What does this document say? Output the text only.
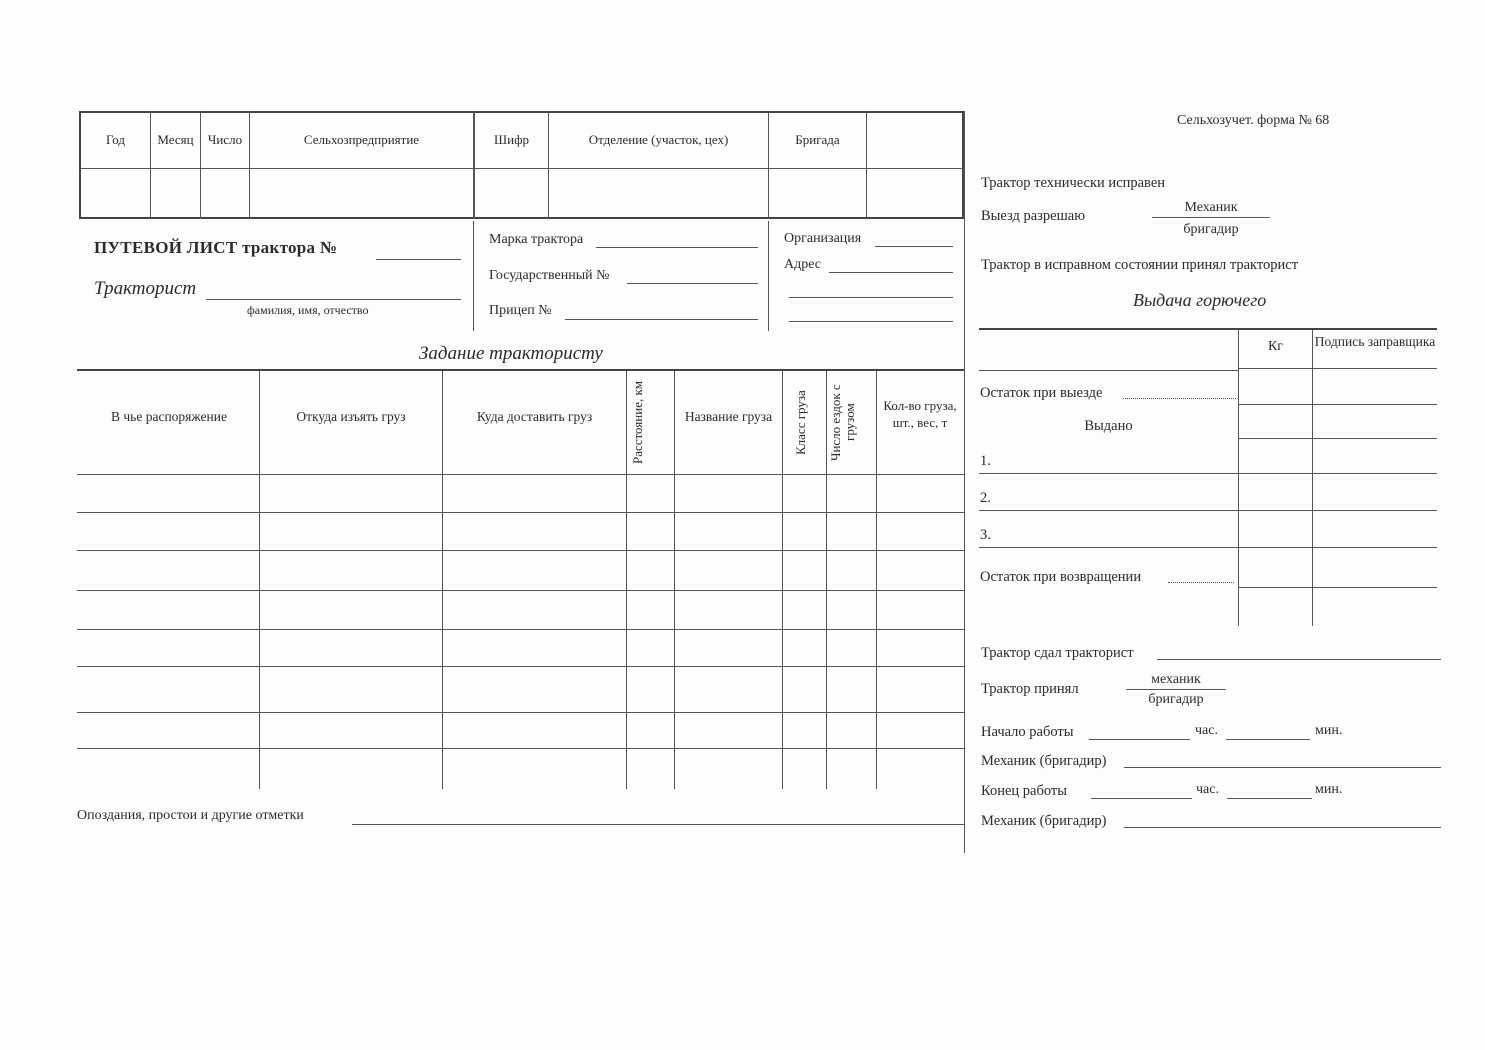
Сельхозучет. форма № 68
Год	Месяц	Число	Сельхозпредприятие	Шифр	Отделение (участок, цех)	Бригада
ПУТЕВОЙ ЛИСТ трактора №
Тракторист
фамилия, имя, отчество
Марка трактора
Государственный №
Прицеп №
Организация
Адрес
Задание трактористу
В чье распоряжение	Откуда изъять груз	Куда доставить груз	Расстояние, км	Название груза	Класс груза	Число ездок с грузом	Кол-во груза, шт., вес, т
Опоздания, простои и другие отметки
Трактор технически исправен
Выезд разрешаю
Механик
бригадир
Трактор в исправном состоянии принял тракторист
Выдача горючего
Кг	Подпись заправщика
Остаток при выезде
Выдано
1.
2.
3.
Остаток при возвращении
Трактор сдал тракторист
Трактор принял
механик
бригадир
Начало работы	час.	мин.
Механик (бригадир)
Конец работы	час.	мин.
Механик (бригадир)
